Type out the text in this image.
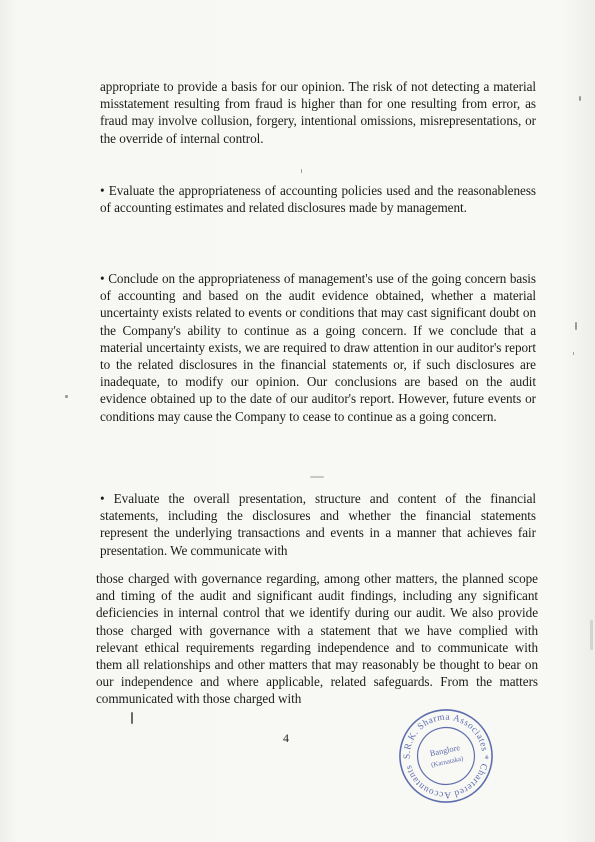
appropriate to provide a basis for our opinion. The risk of not detecting a material misstatement resulting from fraud is higher than for one resulting from error, as fraud may involve collusion, forgery, intentional omissions, misrepresentations, or the override of internal control.

• Evaluate the appropriateness of accounting policies used and the reasonableness of accounting estimates and related disclosures made by management.

• Conclude on the appropriateness of management's use of the going concern basis of accounting and based on the audit evidence obtained, whether a material uncertainty exists related to events or conditions that may cast significant doubt on the Company's ability to continue as a going concern. If we conclude that a material uncertainty exists, we are required to draw attention in our auditor's report to the related disclosures in the financial statements or, if such disclosures are inadequate, to modify our opinion. Our conclusions are based on the audit evidence obtained up to the date of our auditor's report. However, future events or conditions may cause the Company to cease to continue as a going concern.

• Evaluate the overall presentation, structure and content of the financial statements, including the disclosures and whether the financial statements represent the underlying transactions and events in a manner that achieves fair presentation. We communicate with

those charged with governance regarding, among other matters, the planned scope and timing of the audit and significant audit findings, including any significant deficiencies in internal control that we identify during our audit. We also provide those charged with governance with a statement that we have complied with relevant ethical requirements regarding independence and to communicate with them all relationships and other matters that may reasonably be thought to bear on our independence and where applicable, related safeguards. From the matters communicated with those charged with

4
S.R.K. Sharma Associates * Chartered Accountants
Banglore
(Karnataka)
